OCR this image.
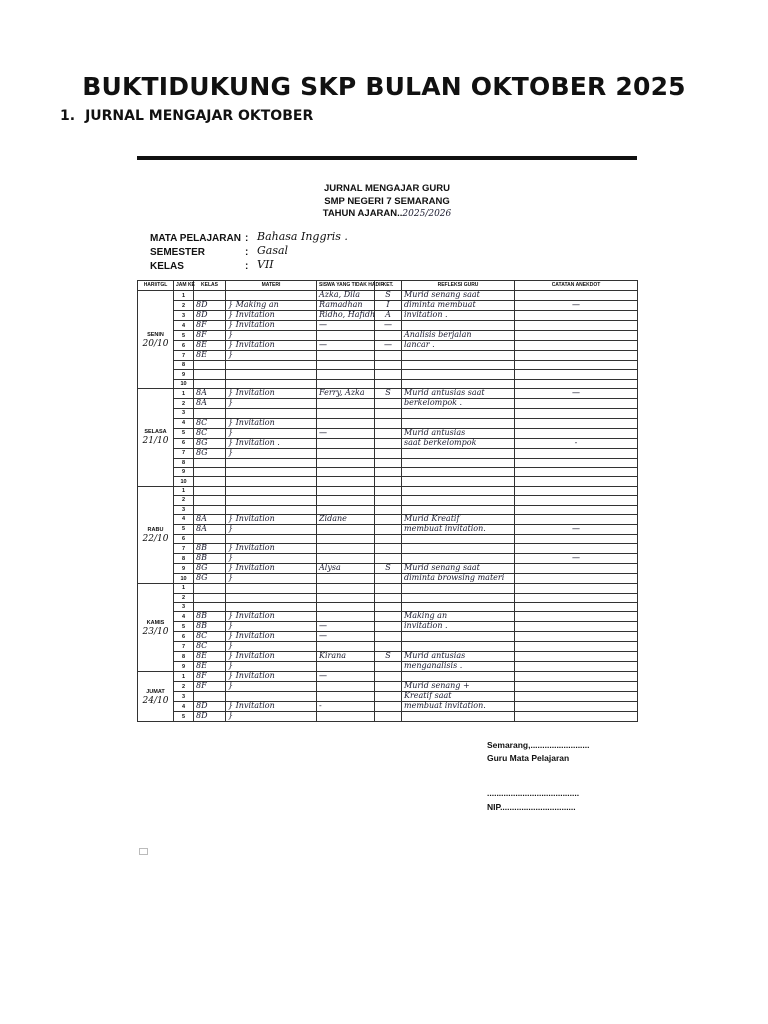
BUKTIDUKUNG SKP BULAN OKTOBER 2025
1. JURNAL MENGAJAR OKTOBER
JURNAL MENGAJAR GURU
SMP NEGERI 7 SEMARANG
TAHUN AJARAN..2025/2026
MATA PELAJARAN : Bahasa Inggris .
SEMESTER	: Gasal
KELAS	: VII
HARI/TGL	JAM KE	KELAS	MATERI	SISWA YANG TIDAK HADIR	KET.	REFLEKSI GURU	CATATAN ANEKDOT
SENIN
20/10	1			Azka, Dila	S	Murid senang saat	
	2	8D	} Making an	Ramadhan	I	diminta membuat	—
	3	8D	} Invitation	Ridho, Hafidh	A	invitation .	
	4	8F	} Invitation	—	—		
	5	8F	}			Analisis berjalan	
	6	8E	} Invitation	—	—	lancar .	
	7	8E	}				
	8						
	9						
	10						
SELASA
21/10	1	8A	} Invitation	Ferry, Azka	S	Murid antusias saat	—
	2	8A	}			berkelompok .	
	3						
	4	8C	} Invitation				
	5	8C	}	—		Murid antusias	
	6	8G	} Invitation .			saat berkelompok	-
	7	8G	}				
	8						
	9						
	10						
RABU
22/10	1						
	2						
	3						
	4	8A	} Invitation	Zidane		Murid Kreatif	
	5	8A	}			membuat invitation.	—
	6						
	7	8B	} Invitation				
	8	8B	}				—
	9	8G	} Invitation	Alysa	S	Murid senang saat	
	10	8G	}			diminta browsing materi	
KAMIS
23/10	1						
	2						
	3						
	4	8B	} Invitation			Making an	
	5	8B	}	—		invitation .	
	6	8C	} Invitation	—			
	7	8C	}				
	8	8E	} Invitation	Kirana	S	Murid antusias	
	9	8E	}			menganalisis .	
JUMAT
24/10	1	8F	} Invitation	—			
	2	8F	}			Murid senang +	
	3					Kreatif saat	
	4	8D	} Invitation	-		membuat invitation.	
	5	8D	}				
Semarang,.........................
Guru Mata Pelajaran
.......................................
NIP................................
